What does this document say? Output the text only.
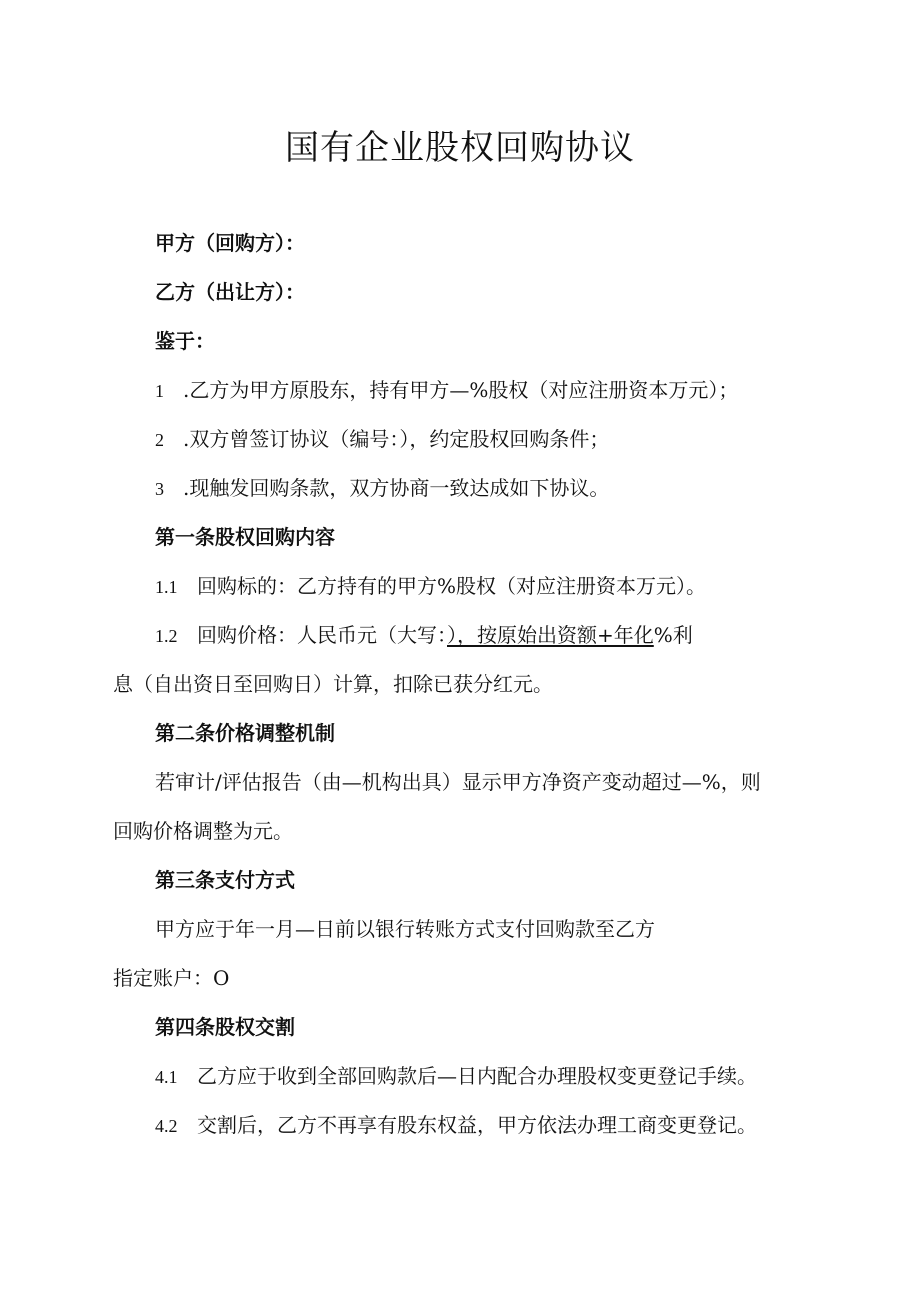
国有企业股权回购协议

甲方（回购方）：

乙方（出让方）：

鉴于：

1 .乙方为甲方原股东，持有甲方—%股权（对应注册资本万元）；

2 .双方曾签订协议（编号：），约定股权回购条件；

3 .现触发回购条款，双方协商一致达成如下协议。

第一条股权回购内容

1.1 回购标的：乙方持有的甲方%股权（对应注册资本万元）。

1.2 回购价格：人民币元（大写：），按原始出资额+年化%利

息（自出资日至回购日）计算，扣除已获分红元。

第二条价格调整机制

若审计/评估报告（由—机构出具）显示甲方净资产变动超过—%，则

回购价格调整为元。

第三条支付方式

甲方应于年一月—日前以银行转账方式支付回购款至乙方

指定账户：O

第四条股权交割

4.1 乙方应于收到全部回购款后—日内配合办理股权变更登记手续。

4.2 交割后，乙方不再享有股东权益，甲方依法办理工商变更登记。
